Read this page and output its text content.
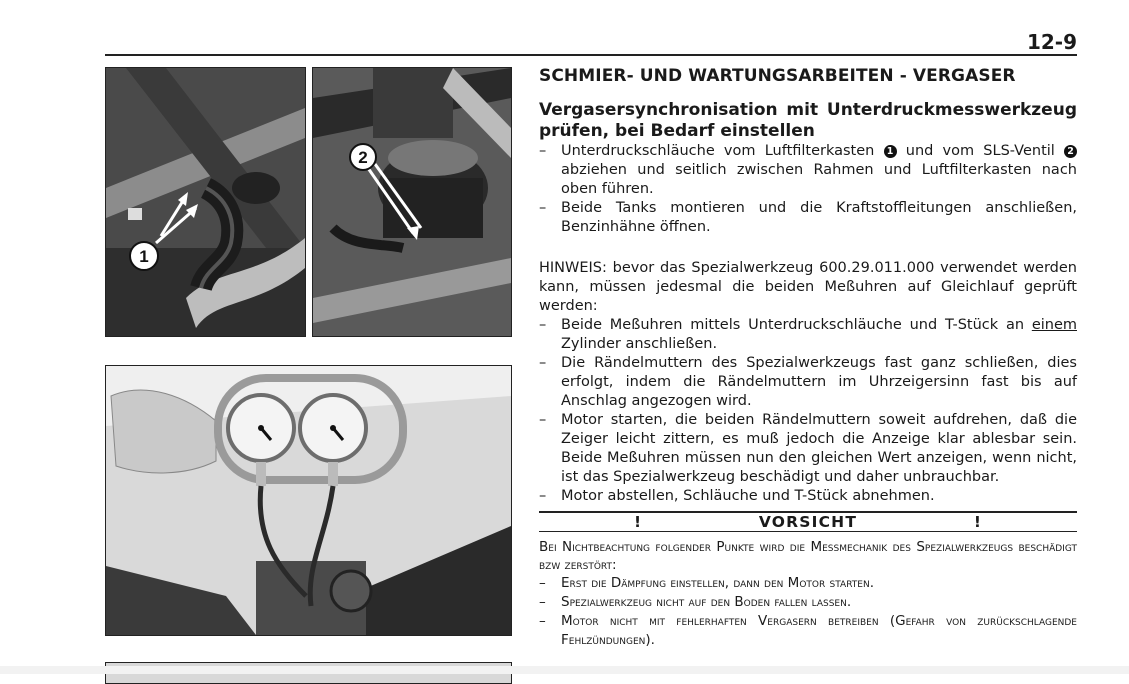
12-9
1
2
SCHMIER- UND WARTUNGSARBEITEN - VERGASER
Vergasersynchronisation mit Unterdruckmesswerkzeug prüfen, bei Bedarf einstellen
– Unterdruckschläuche vom Luftfilterkasten 1 und vom SLS-Ventil 2 abziehen und seitlich zwischen Rahmen und Luftfilterkasten nach oben führen.
– Beide Tanks montieren und die Kraftstoffleitungen anschließen, Benzinhähne öffnen.

HINWEIS: bevor das Spezialwerkzeug 600.29.011.000 verwendet werden kann, müssen jedesmal die beiden Meßuhren auf Gleichlauf geprüft werden:

– Beide Meßuhren mittels Unterdruckschläuche und T-Stück an einem Zylinder anschließen.
– Die Rändelmuttern des Spezialwerkzeugs fast ganz schließen, dies erfolgt, indem die Rändelmuttern im Uhrzeigersinn fast bis auf Anschlag angezogen wird.
– Motor starten, die beiden Rändelmuttern soweit aufdrehen, daß die Zeiger leicht zittern, es muß jedoch die Anzeige klar ablesbar sein. Beide Meßuhren müssen nun den gleichen Wert anzeigen, wenn nicht, ist das Spezialwerkzeug beschädigt und daher unbrauchbar.
– Motor abstellen, Schläuche und T-Stück abnehmen.
!	VORSICHT	!

Bei Nichtbeachtung folgender Punkte wird die Messmechanik des Spezialwerkzeugs beschädigt bzw zerstört:

– Erst die Dämpfung einstellen, dann den Motor starten.
– Spezialwerkzeug nicht auf den Boden fallen lassen.
– Motor nicht mit fehlerhaften Vergasern betreiben (Gefahr von zurückschlagende Fehlzündungen).
